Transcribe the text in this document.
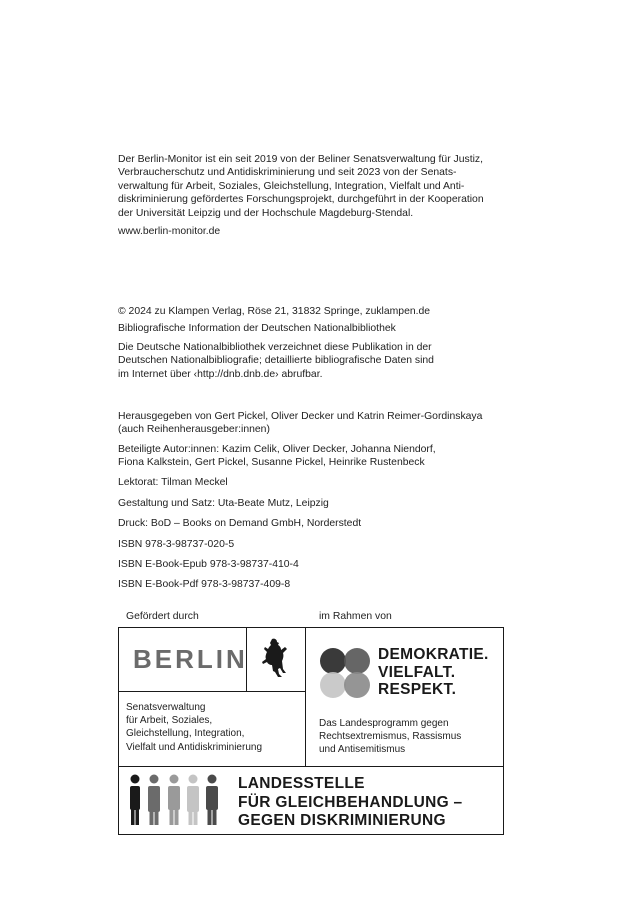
Der Berlin-Monitor ist ein seit 2019 von der Beliner Senatsverwaltung für Justiz,
Verbraucherschutz und Antidiskriminierung und seit 2023 von der Senats-
verwaltung für Arbeit, Soziales, Gleichstellung, Integration, Vielfalt und Anti-
diskriminierung gefördertes Forschungsprojekt, durchgeführt in der Kooperation
der Universität Leipzig und der Hochschule Magdeburg-Stendal.
www.berlin-monitor.de
© 2024 zu Klampen Verlag, Röse 21, 31832 Springe, zuklampen.de
Bibliografische Information der Deutschen Nationalbibliothek
Die Deutsche Nationalbibliothek verzeichnet diese Publikation in der
Deutschen Nationalbibliografie; detaillierte bibliografische Daten sind
im Internet über ‹http://dnb.dnb.de› abrufbar.
Herausgegeben von Gert Pickel, Oliver Decker und Katrin Reimer-Gordinskaya
(auch Reihenherausgeber:innen)
Beteiligte Autor:innen: Kazim Celik, Oliver Decker, Johanna Niendorf,
Fiona Kalkstein, Gert Pickel, Susanne Pickel, Heinrike Rustenbeck
Lektorat: Tilman Meckel
Gestaltung und Satz: Uta-Beate Mutz, Leipzig
Druck: BoD – Books on Demand GmbH, Norderstedt
ISBN 978-3-98737-020-5
ISBN E-Book-Epub 978-3-98737-410-4
ISBN E-Book-Pdf 978-3-98737-409-8
Gefördert durch	im Rahmen von
BERLIN
Senatsverwaltung
für Arbeit, Soziales,
Gleichstellung, Integration,
Vielfalt und Antidiskriminierung
DEMOKRATIE.
VIELFALT.
RESPEKT.
Das Landesprogramm gegen
Rechtsextremismus, Rassismus
und Antisemitismus
LANDESSTELLE
FÜR GLEICHBEHANDLUNG –
GEGEN DISKRIMINIERUNG
